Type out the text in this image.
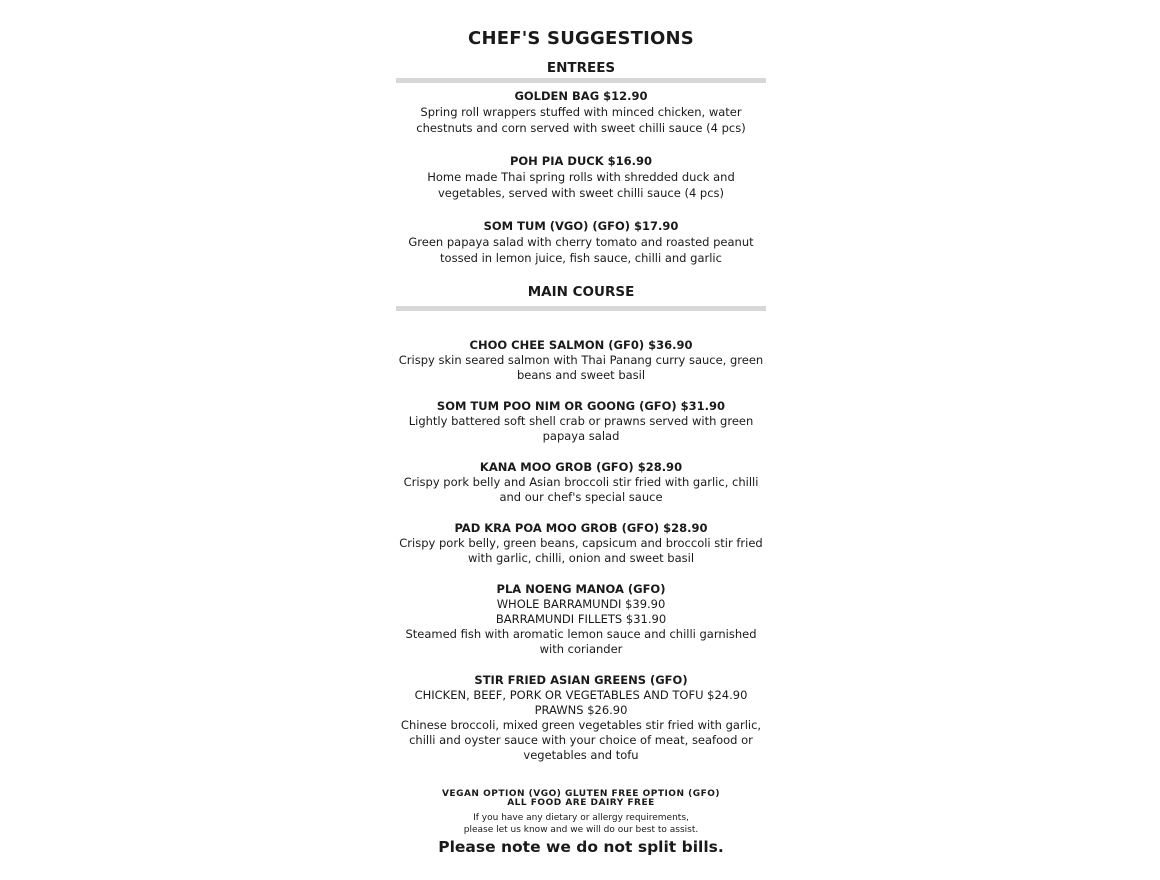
CHEF'S SUGGESTIONS
ENTREES
GOLDEN BAG $12.90
Spring roll wrappers stuffed with minced chicken, water
chestnuts and corn served with sweet chilli sauce (4 pcs)
POH PIA DUCK $16.90
Home made Thai spring rolls with shredded duck and
vegetables, served with sweet chilli sauce (4 pcs)
SOM TUM (VGO) (GFO) $17.90
Green papaya salad with cherry tomato and roasted peanut
tossed in lemon juice, fish sauce, chilli and garlic
MAIN COURSE
CHOO CHEE SALMON (GF0) $36.90
Crispy skin seared salmon with Thai Panang curry sauce, green
beans and sweet basil
SOM TUM POO NIM OR GOONG (GFO) $31.90
Lightly battered soft shell crab or prawns served with green
papaya salad
KANA MOO GROB (GFO) $28.90
Crispy pork belly and Asian broccoli stir fried with garlic, chilli
and our chef's special sauce
PAD KRA POA MOO GROB (GFO) $28.90
Crispy pork belly, green beans, capsicum and broccoli stir fried
with garlic, chilli, onion and sweet basil
PLA NOENG MANOA (GFO)
WHOLE BARRAMUNDI $39.90
BARRAMUNDI FILLETS $31.90
Steamed fish with aromatic lemon sauce and chilli garnished
with coriander
STIR FRIED ASIAN GREENS (GFO)
CHICKEN, BEEF, PORK OR VEGETABLES AND TOFU $24.90
PRAWNS $26.90
Chinese broccoli, mixed green vegetables stir fried with garlic,
chilli and oyster sauce with your choice of meat, seafood or
vegetables and tofu
VEGAN OPTION (VGO) GLUTEN FREE OPTION (GFO)
ALL FOOD ARE DAIRY FREE
If you have any dietary or allergy requirements,
please let us know and we will do our best to assist.
Please note we do not split bills.
